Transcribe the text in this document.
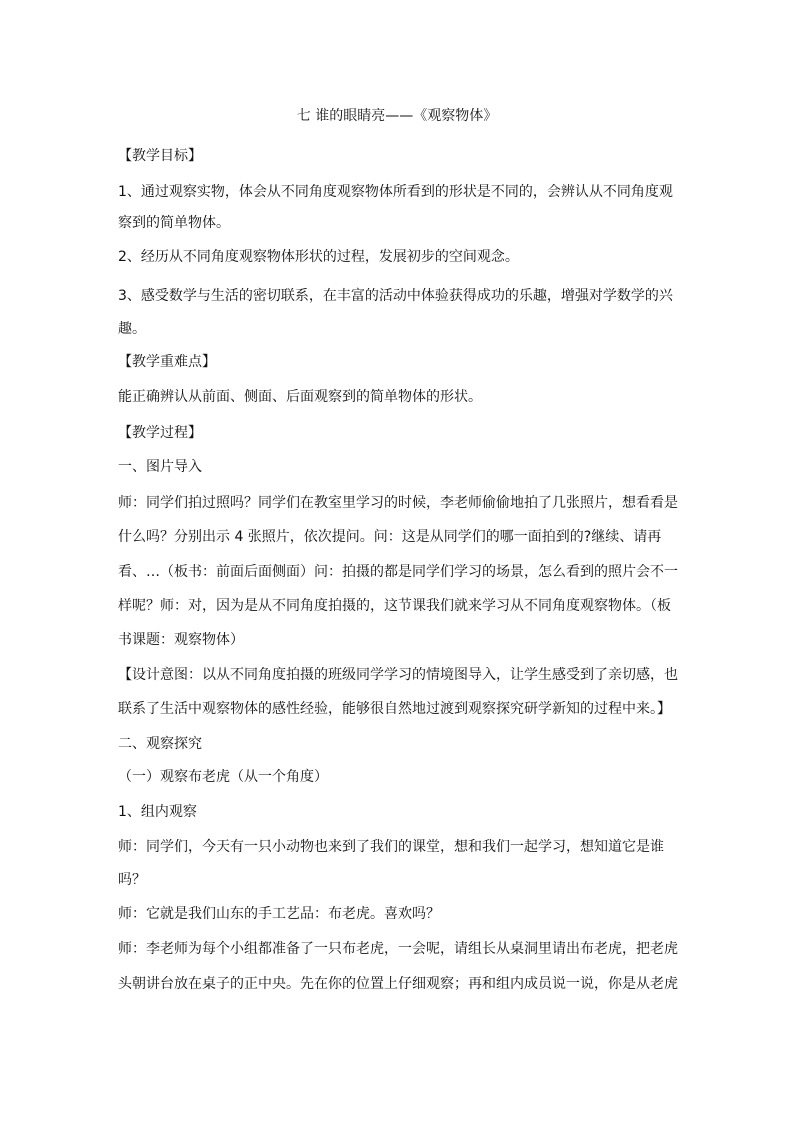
七 谁的眼睛亮——《观察物体》

【教学目标】

1、通过观察实物，体会从不同角度观察物体所看到的形状是不同的，会辨认从不同角度观

察到的简单物体。

2、经历从不同角度观察物体形状的过程，发展初步的空间观念。

3、感受数学与生活的密切联系，在丰富的活动中体验获得成功的乐趣，增强对学数学的兴

趣。

【教学重难点】

能正确辨认从前面、侧面、后面观察到的简单物体的形状。

【教学过程】

一、图片导入

师：同学们拍过照吗？同学们在教室里学习的时候，李老师偷偷地拍了几张照片，想看看是

什么吗？分别出示 4 张照片，依次提问。问：这是从同学们的哪一面拍到的?继续、请再

看、…（板书：前面后面侧面）问：拍摄的都是同学们学习的场景，怎么看到的照片会不一

样呢？师：对，因为是从不同角度拍摄的，这节课我们就来学习从不同角度观察物体。（板

书课题：观察物体）

【设计意图：以从不同角度拍摄的班级同学学习的情境图导入，让学生感受到了亲切感，也

联系了生活中观察物体的感性经验，能够很自然地过渡到观察探究研学新知的过程中来。】

二、观察探究

（一）观察布老虎（从一个角度）

1、组内观察

师：同学们，今天有一只小动物也来到了我们的课堂，想和我们一起学习，想知道它是谁

吗？

师：它就是我们山东的手工艺品：布老虎。喜欢吗？

师：李老师为每个小组都准备了一只布老虎，一会呢，请组长从桌洞里请出布老虎，把老虎

头朝讲台放在桌子的正中央。先在你的位置上仔细观察；再和组内成员说一说，你是从老虎
